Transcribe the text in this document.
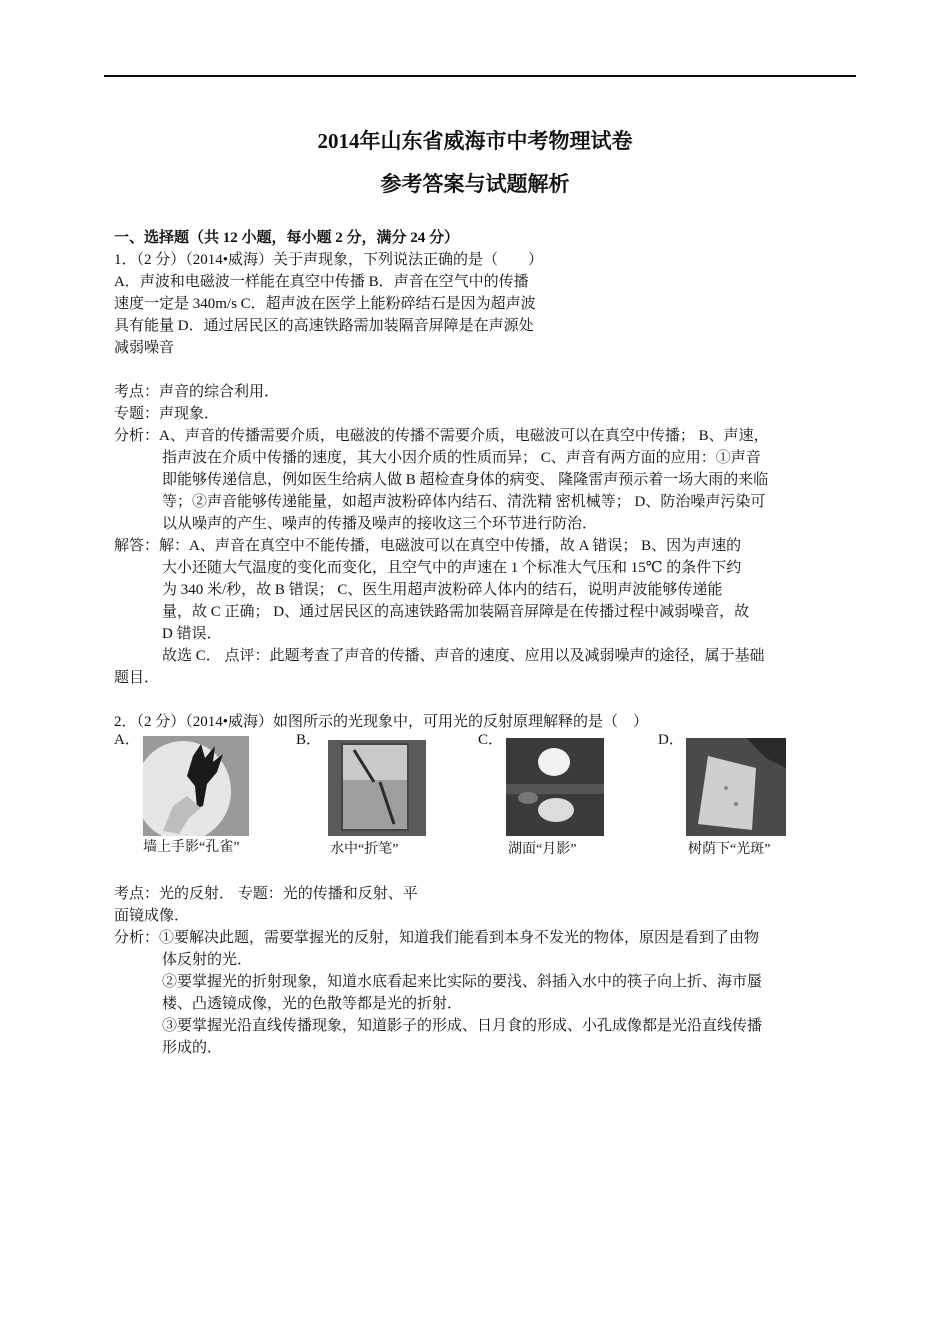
2014年山东省威海市中考物理试卷
参考答案与试题解析
一、选择题（共 12 小题，每小题 2 分，满分 24 分）
1．（2 分）（2014•威海）关于声现象，下列说法正确的是（　　）
A．声波和电磁波一样能在真空中传播 B．声音在空气中的传播
速度一定是 340m/s C．超声波在医学上能粉碎结石是因为超声波
具有能量 D．通过居民区的高速铁路需加装隔音屏障是在声源处
减弱噪音
考点：声音的综合利用．
专题：声现象．
分析：A、声音的传播需要介质，电磁波的传播不需要介质，电磁波可以在真空中传播； B、声速，
指声波在介质中传播的速度，其大小因介质的性质而异； C、声音有两方面的应用：①声音
即能够传递信息，例如医生给病人做 B 超检查身体的病变、 隆隆雷声预示着一场大雨的来临
等；②声音能够传递能量，如超声波粉碎体内结石、清洗精 密机械等； D、防治噪声污染可
以从噪声的产生、噪声的传播及噪声的接收这三个环节进行防治．
解答：解：A、声音在真空中不能传播，电磁波可以在真空中传播，故 A 错误； B、因为声速的
大小还随大气温度的变化而变化，且空气中的声速在 1 个标准大气压和 15℃ 的条件下约
为 340 米/秒，故 B 错误； C、医生用超声波粉碎人体内的结石，说明声波能够传递能
量，故 C 正确； D、通过居民区的高速铁路需加装隔音屏障是在传播过程中减弱噪音，故
D 错误．
故选 C． 点评：此题考查了声音的传播、声音的速度、应用以及减弱噪声的途径，属于基础
题目．
2．（2 分）（2014•威海）如图所示的光现象中，可用光的反射原理解释的是（　）
A．	B．	C．	D．
墙上手影“孔雀”	水中“折笔”	湖面“月影”	树荫下“光斑”
考点：光的反射． 专题：光的传播和反射、平
面镜成像．
分析：①要解决此题，需要掌握光的反射，知道我们能看到本身不发光的物体，原因是看到了由物
体反射的光．
②要掌握光的折射现象，知道水底看起来比实际的要浅、斜插入水中的筷子向上折、海市蜃
楼、凸透镜成像，光的色散等都是光的折射．
③要掌握光沿直线传播现象，知道影子的形成、日月食的形成、小孔成像都是光沿直线传播
形成的．
